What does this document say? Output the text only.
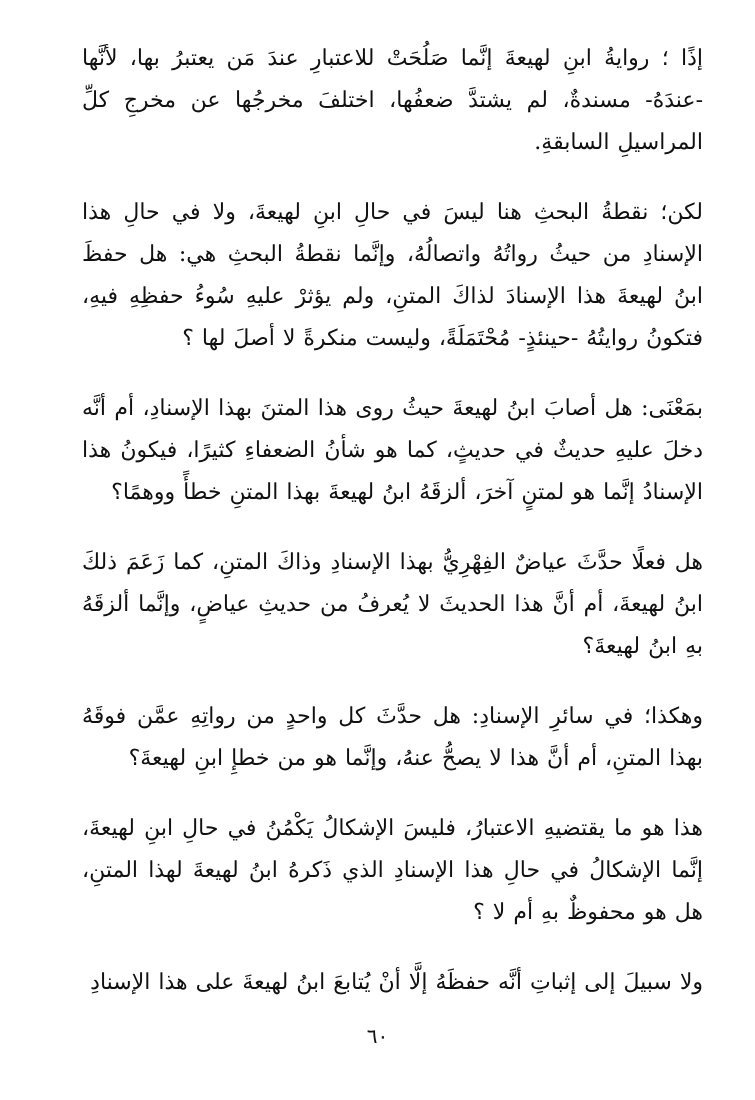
إذًا ؛ روايةُ ابنِ لهيعةَ إنَّما صَلُحَتْ للاعتبارِ عندَ مَن يعتبرُ بها، لأنَّها -عندَهُ- مسندةٌ، لم يشتدَّ ضعفُها، اختلفَ مخرجُها عن مخرجِ كلِّ المراسيلِ السابقةِ.

لكن؛ نقطةُ البحثِ هنا ليسَ في حالِ ابنِ لهيعةَ، ولا في حالِ هذا الإسنادِ من حيثُ رواتُهُ واتصالُهُ، وإنَّما نقطةُ البحثِ هي: هل حفظَ ابنُ لهيعةَ هذا الإسنادَ لذاكَ المتنِ، ولم يؤثرْ عليهِ سُوءُ حفظِهِ فيهِ، فتكونُ روايتُهُ -حينئذٍ- مُحْتَمَلَةً، وليست منكرةً لا أصلَ لها ؟

بمَعْنَى: هل أصابَ ابنُ لهيعةَ حيثُ روى هذا المتنَ بهذا الإسنادِ، أم أنَّه دخلَ عليهِ حديثٌ في حديثٍ، كما هو شأنُ الضعفاءِ كثيرًا، فيكونُ هذا الإسنادُ إنَّما هو لمتنٍ آخرَ، ألزقَهُ ابنُ لهيعةَ بهذا المتنِ خطأً ووهمًا؟

هل فعلًا حدَّثَ عياضٌ الفِهْرِيُّ بهذا الإسنادِ وذاكَ المتنِ، كما زَعَمَ ذلكَ ابنُ لهيعةَ، أم أنَّ هذا الحديثَ لا يُعرفُ من حديثِ عياضٍ، وإنَّما ألزقَهُ بهِ ابنُ لهيعةَ؟

وهكذا؛ في سائرِ الإسنادِ: هل حدَّثَ كل واحدٍ من رواتِهِ عمَّن فوقَهُ بهذا المتنِ، أم أنَّ هذا لا يصحُّ عنهُ، وإنَّما هو من خطإِ ابنِ لهيعةَ؟

هذا هو ما يقتضيهِ الاعتبارُ، فليسَ الإشكالُ يَكْمُنُ في حالِ ابنِ لهيعةَ، إنَّما الإشكالُ في حالِ هذا الإسنادِ الذي ذَكرهُ ابنُ لهيعةَ لهذا المتنِ، هل هو محفوظٌ بهِ أم لا ؟

ولا سبيلَ إلى إثباتِ أنَّه حفظَهُ إلَّا أنْ يُتابعَ ابنُ لهيعةَ على هذا الإسنادِ

٦٠
